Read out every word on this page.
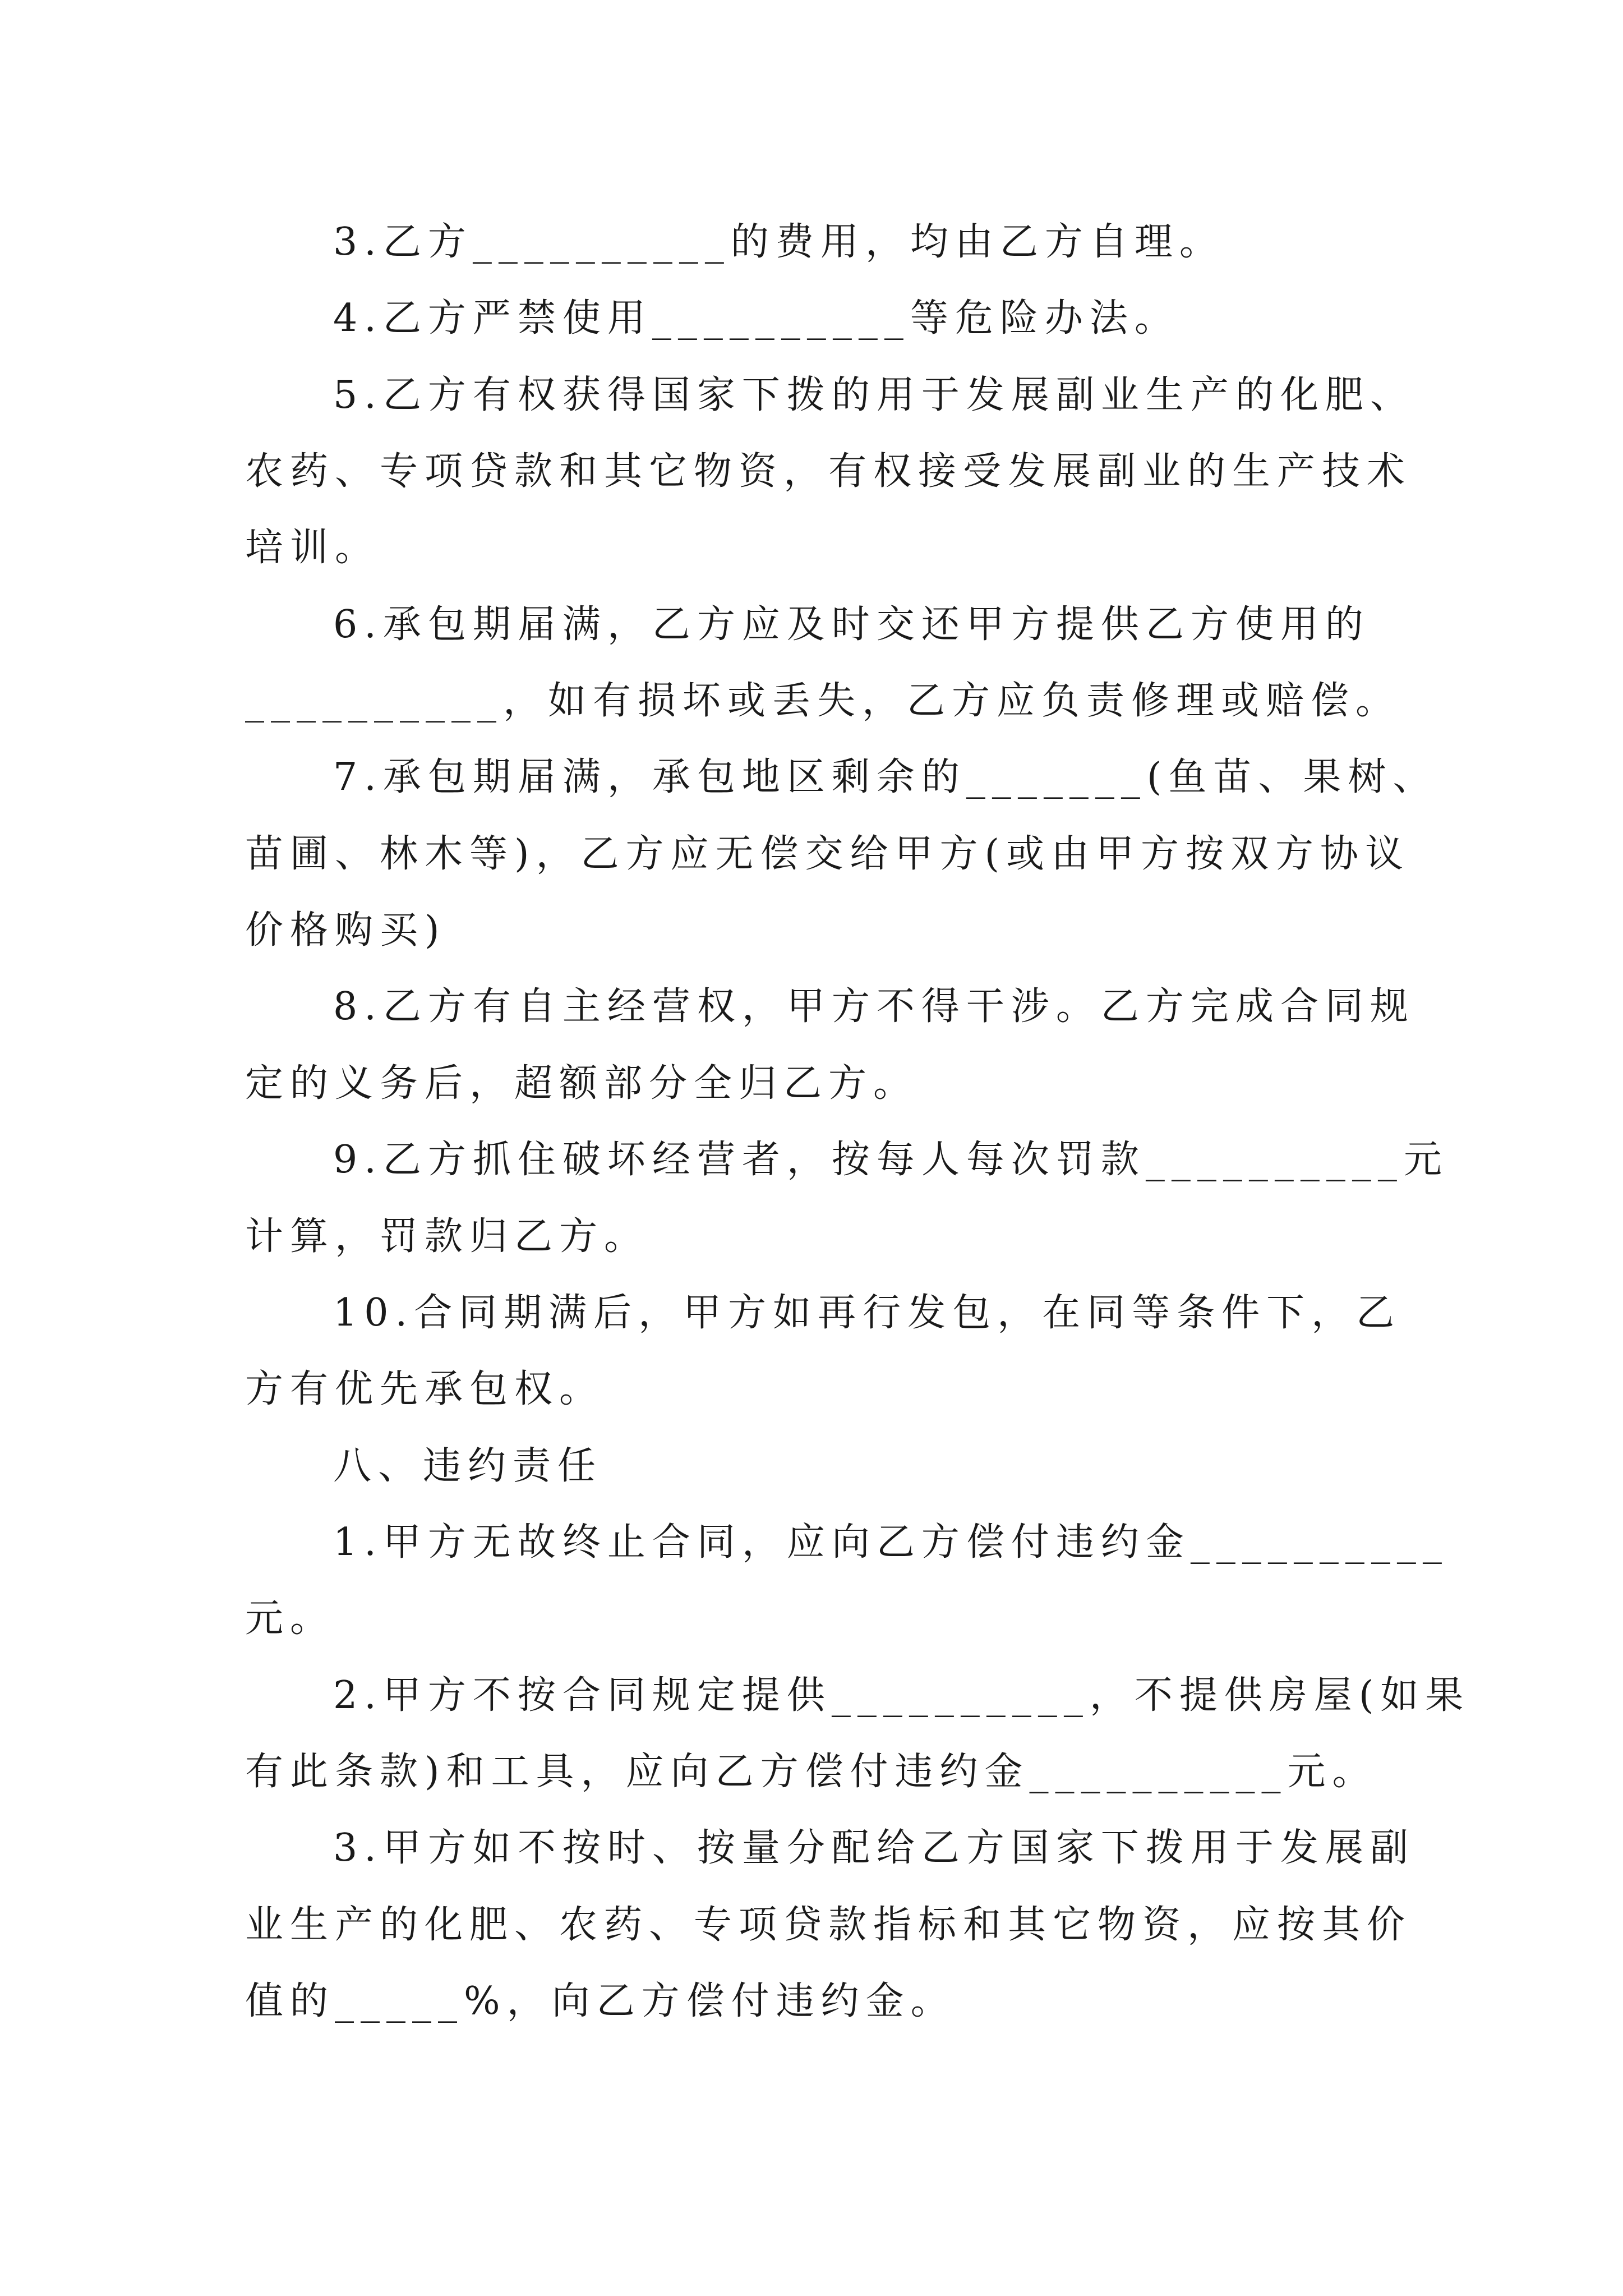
3.乙方__________的费用，均由乙方自理。

4.乙方严禁使用__________等危险办法。

5.乙方有权获得国家下拨的用于发展副业生产的化肥、

农药、专项贷款和其它物资，有权接受发展副业的生产技术

培训。

6.承包期届满，乙方应及时交还甲方提供乙方使用的

__________，如有损坏或丢失，乙方应负责修理或赔偿。

7.承包期届满，承包地区剩余的_______(鱼苗、果树、

苗圃、林木等)，乙方应无偿交给甲方(或由甲方按双方协议

价格购买)

8.乙方有自主经营权，甲方不得干涉。乙方完成合同规

定的义务后，超额部分全归乙方。

9.乙方抓住破坏经营者，按每人每次罚款__________元

计算，罚款归乙方。

10.合同期满后，甲方如再行发包，在同等条件下，乙

方有优先承包权。

八、违约责任

1.甲方无故终止合同，应向乙方偿付违约金__________

元。

2.甲方不按合同规定提供__________，不提供房屋(如果

有此条款)和工具，应向乙方偿付违约金__________元。

3.甲方如不按时、按量分配给乙方国家下拨用于发展副

业生产的化肥、农药、专项贷款指标和其它物资，应按其价

值的_____%，向乙方偿付违约金。
